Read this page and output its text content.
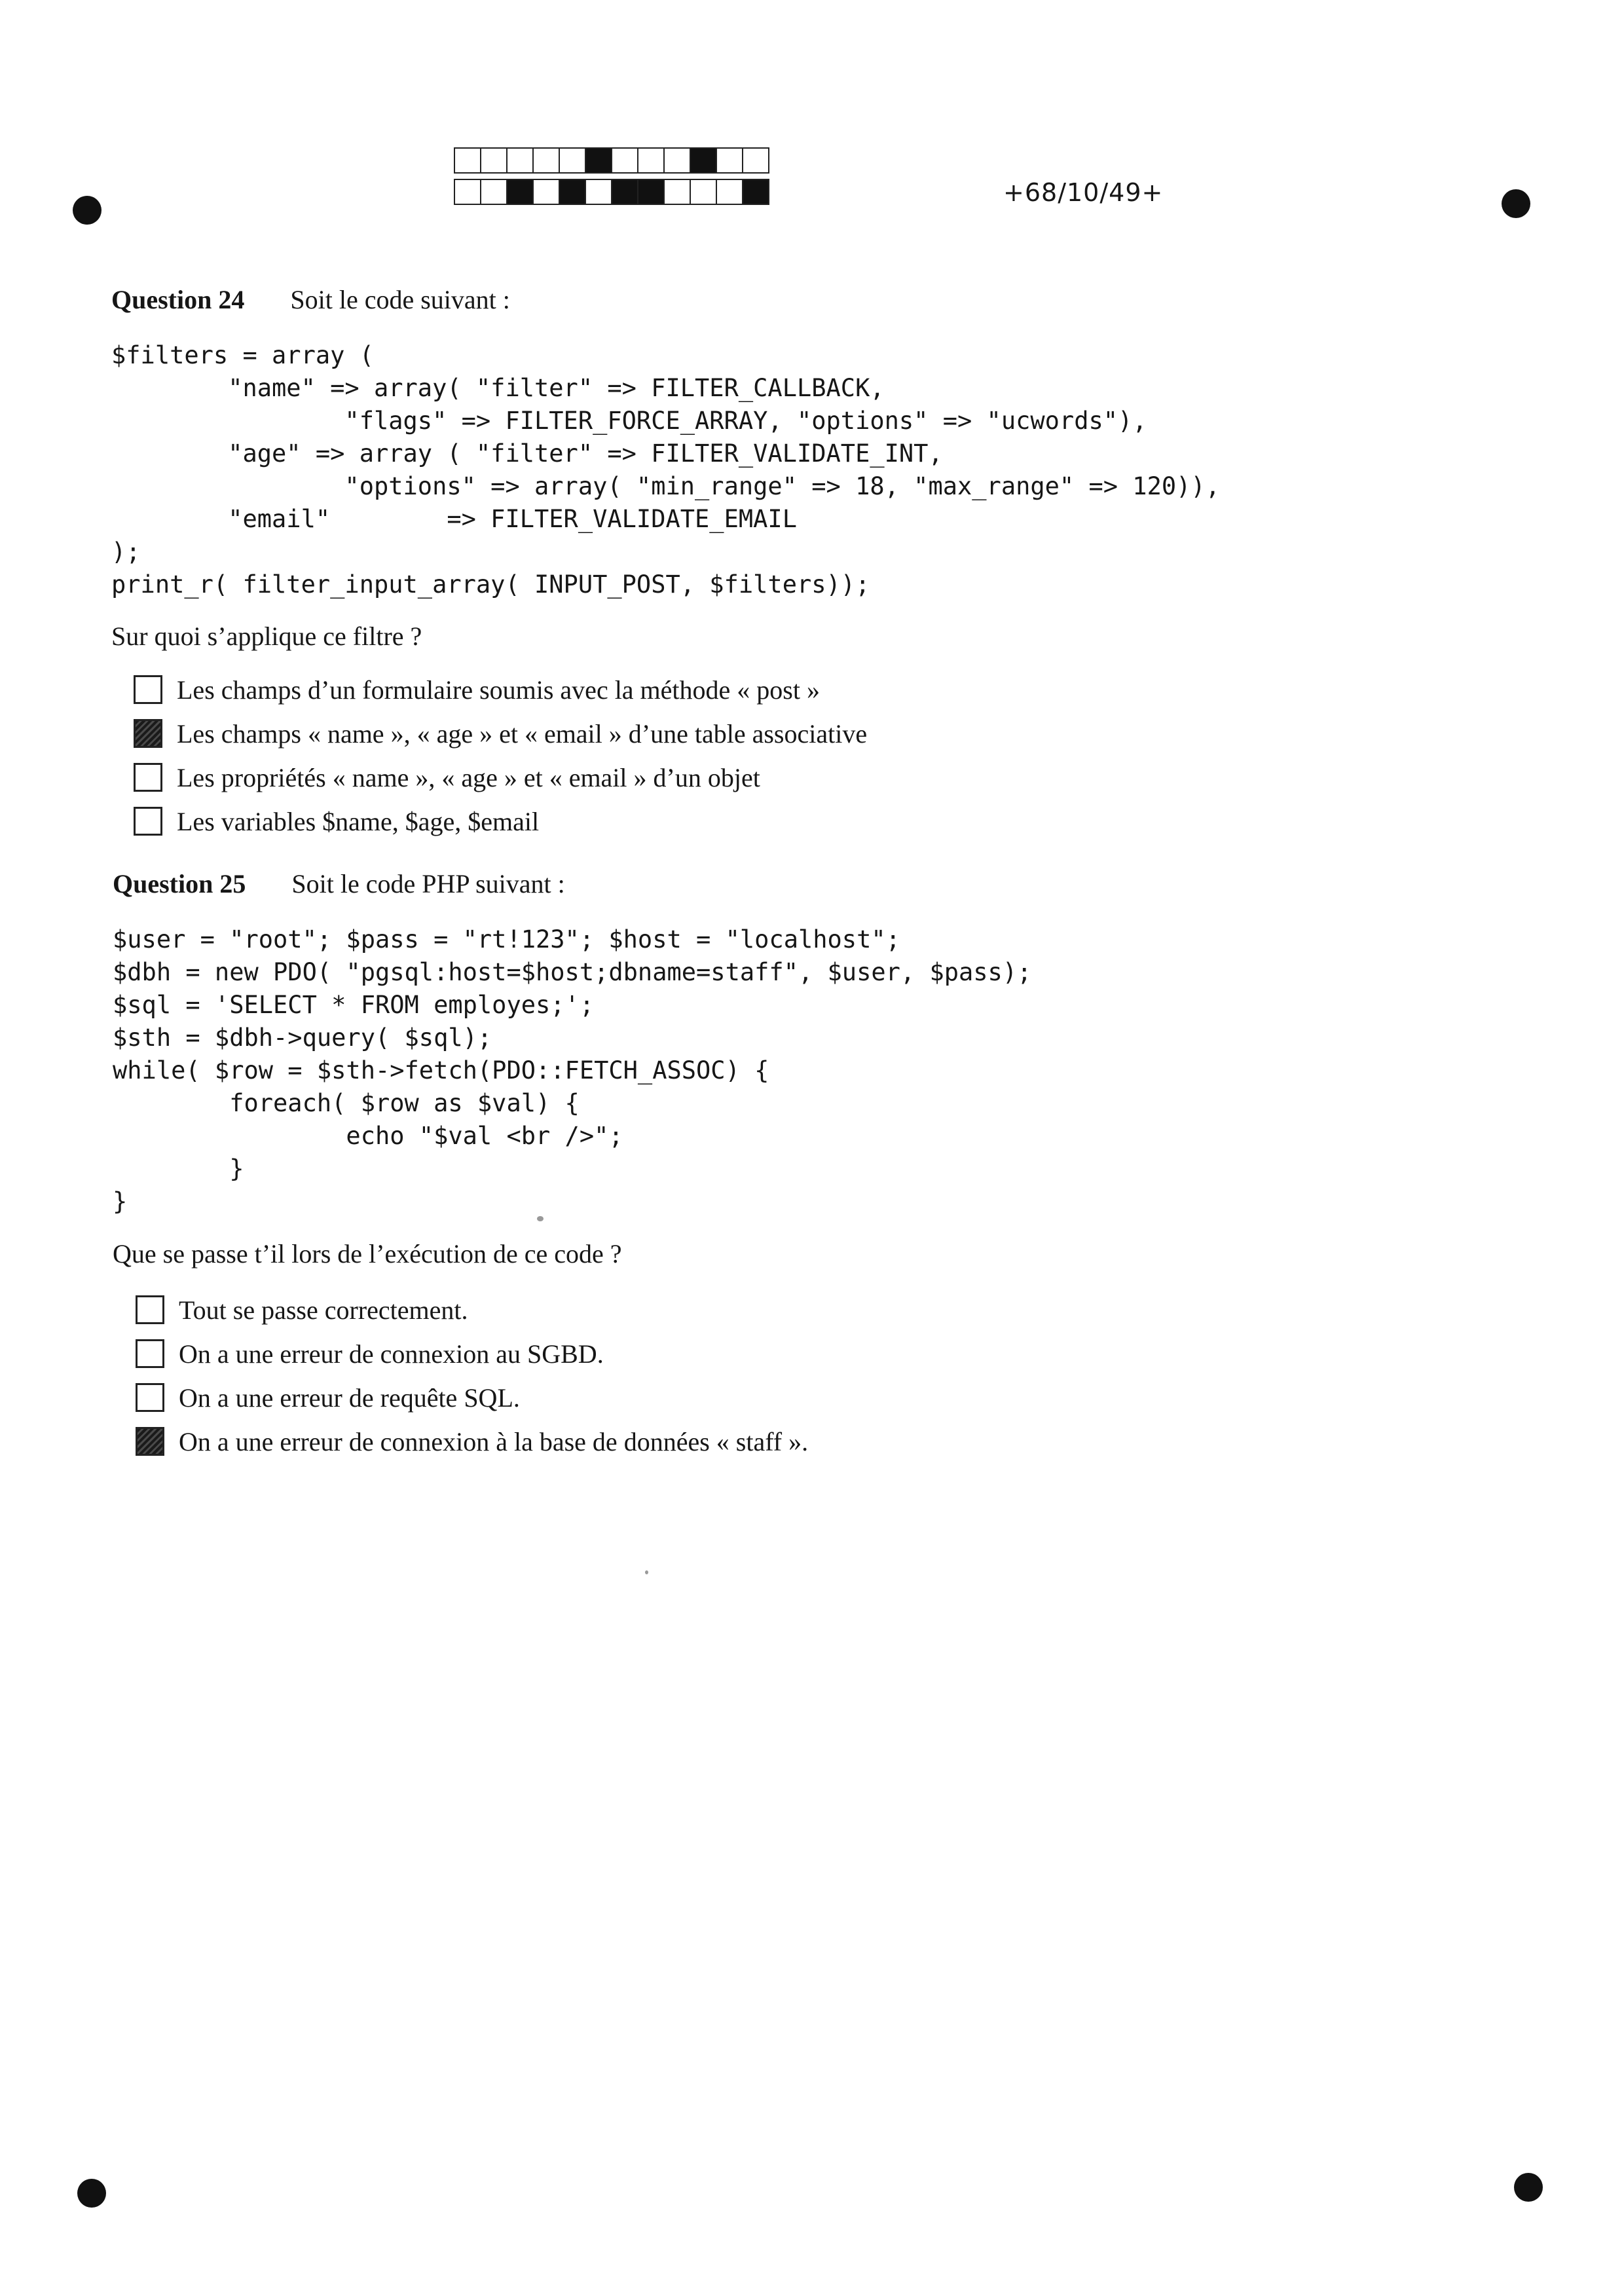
+68/10/49+
Question 24 Soit le code suivant :
$filters = array (
"name" => array( "filter" => FILTER_CALLBACK,
"flags" => FILTER_FORCE_ARRAY, "options" => "ucwords"),
"age" => array ( "filter" => FILTER_VALIDATE_INT,
"options" => array( "min_range" => 18, "max_range" => 120)),
"email"        => FILTER_VALIDATE_EMAIL
);
print_r( filter_input_array( INPUT_POST, $filters));
Sur quoi s’applique ce filtre ?
Les champs d’un formulaire soumis avec la méthode « post »
Les champs « name », « age » et « email » d’une table associative
Les propriétés « name », « age » et « email » d’un objet
Les variables $name, $age, $email
Question 25 Soit le code PHP suivant :
$user = "root"; $pass = "rt!123"; $host = "localhost";
$dbh = new PDO( "pgsql:host=$host;dbname=staff", $user, $pass);
$sql = 'SELECT * FROM employes;';
$sth = $dbh->query( $sql);
while( $row = $sth->fetch(PDO::FETCH_ASSOC) {
foreach( $row as $val) {
echo "$val <br />";
}
}
Que se passe t’il lors de l’exécution de ce code ?
Tout se passe correctement.
On a une erreur de connexion au SGBD.
On a une erreur de requête SQL.
On a une erreur de connexion à la base de données « staff ».
